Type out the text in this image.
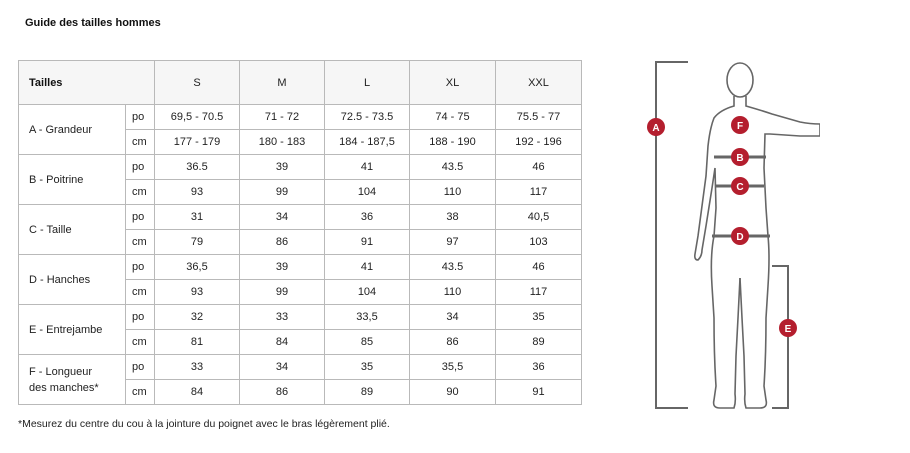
Guide des tailles hommes
Tailles		S	M	L	XL	XXL

A - Grandeur	po	69,5 - 70.5	71 - 72	72.5 - 73.5	74 - 75	75.5 - 77
	cm	177 - 179	180 - 183	184 - 187,5	188 - 190	192 - 196

B - Poitrine	po	36.5	39	41	43.5	46
	cm	93	99	104	110	117

C - Taille	po	31	34	36	38	40,5
	cm	79	86	91	97	103

D - Hanches	po	36,5	39	41	43.5	46
	cm	93	99	104	110	117

E - Entrejambe	po	32	33	33,5	34	35
	cm	81	84	85	86	89

F - Longueur
des manches*	po	33	34	35	35,5	36
	cm	84	86	89	90	91
*Mesurez du centre du cou à la jointure du poignet avec le bras légèrement plié.
A
B
C
D
E
F
